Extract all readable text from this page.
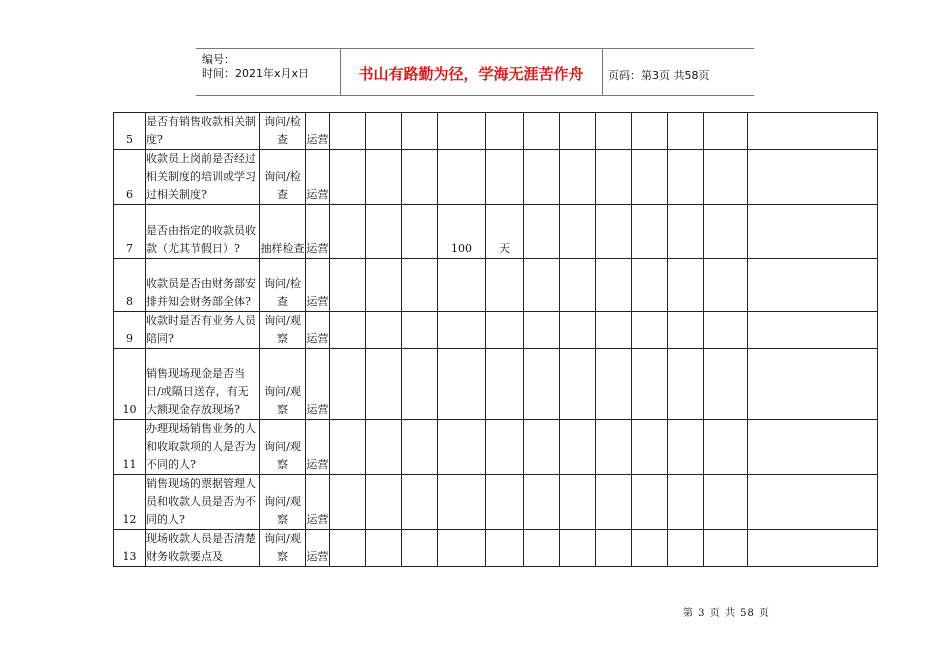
编号：
时间：2021年x月x日	书山有路勤为径，学海无涯苦作舟	页码：第3页 共58页
5	是否有销售收款相关制度?	询问/检查	运营												
6	收款员上岗前是否经过相关制度的培训或学习过相关制度?	询问/检查	运营												
7	是否由指定的收款员收款（尤其节假日）?	抽样检查	运营				100	天							
8	收款员是否由财务部安排并知会财务部全体?	询问/检查	运营												
9	收款时是否有业务人员陪同?	询问/观察	运营												
10	销售现场现金是否当日/或隔日送存，有无大额现金存放现场?	询问/观察	运营												
11	办理现场销售业务的人和收取款项的人是否为不同的人?	询问/观察	运营												
12	销售现场的票据管理人员和收款人员是否为不同的人?	询问/观察	运营												
13	现场收款人员是否清楚财务收款要点及	询问/观察	运营												
第 3 页 共 58 页
